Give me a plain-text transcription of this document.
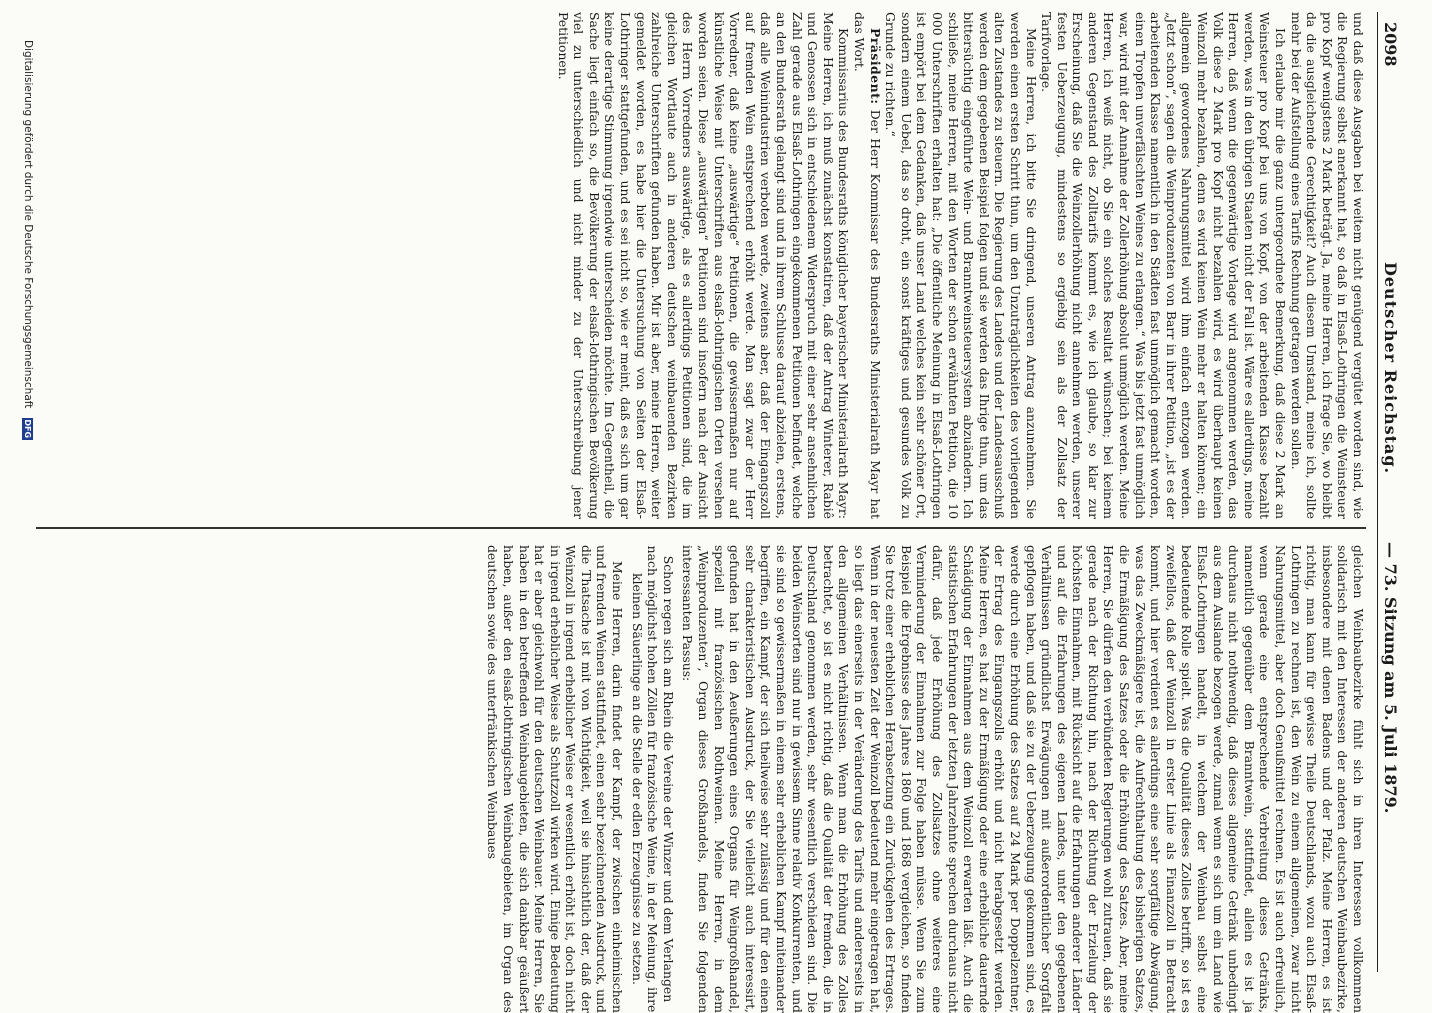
2098
Deutscher Reichstag.
— 73. Sitzung am 5. Juli 1879.

und daß diese Ausgaben bei weitem nicht genügend vergütet worden sind, wie die Regierung selbst anerkannt hat, so daß in Elsaß-Lothringen die Weinsteuer pro Kopf wenigstens 2 Mark beträgt. Ja, meine Herren, ich frage Sie, wo bleibt da die ausgleichende Gerechtigkeit? Auch diesem Umstand, meine ich, sollte mehr bei der Aufstellung eines Tarifs Rechnung getragen werden sollen.

Ich erlaube mir die ganz untergeordnete Bemerkung, daß diese 2 Mark an Weinsteuer pro Kopf bei uns von Kopf, von der arbeitenden Klasse bezahlt werden, was in den übrigen Staaten nicht der Fall ist. Wäre es allerdings, meine Herren, daß wenn die gegenwärtige Vorlage wird angenommen werden, das Volk diese 2 Mark pro Kopf nicht bezahlen wird, es wird überhaupt keinen Weinzoll mehr bezahlen, denn es wird keinen Wein mehr er halten können; ein allgemein gewordenes Nahrungsmittel wird ihm einfach entzogen werden. „Jetzt schon“, sagen die Weinproduzenten von Barr in ihrer Petition, „ist es der arbeitenden Klasse namentlich in den Städten fast unmöglich gemacht worden, einen Tropfen unverfälschten Weines zu erlangen.“ Was bis jetzt fast unmöglich war, wird mit der Annahme der Zollerhöhung absolut unmöglich werden. Meine Herren, ich weiß nicht, ob Sie ein solches Resultat wünschen; bei keinem anderen Gegenstand des Zolltarifs kommt es, wie ich glaube, so klar zur Erscheinung, daß Sie die Weinzollerhöhung nicht annehmen werden, unserer festen Ueberzeugung, mindestens so ergiebig sein als der Zollsatz der Tarifvorlage.

Meine Herren, ich bitte Sie dringend, unseren Antrag anzunehmen. Sie werden einen ersten Schritt thun, um den Unzuträglichkeiten des vorliegenden alten Zustandes zu steuern. Die Regierung des Landes und der Landesausschuß werden dem gegebenen Beispiel folgen und sie werden das Ihrige thun, um das bittersüchtig eingeführte Wein- und Branntweinsteuersystem abzuändern. Ich schließe, meine Herren, mit den Worten der schon erwähnten Petition, die 10 000 Unterschriften erhalten hat: „Die öffentliche Meinung in Elsaß-Lothringen ist empört bei dem Gedanken, daß unser Land welches kein sehr schöner Ort, sondern einem Uebel, das so droht, ein sonst kräftiges und gesundes Volk zu Grunde zu richten.“

Präsident: Der Herr Kommissar des Bundesraths Ministerialrath Mayr hat das Wort.

Kommissarius des Bundesraths königlicher bayerischer Ministerialrath Mayr: Meine Herren, ich muß zunächst konstatiren, daß der Antrag Winterer, Rabiê und Genossen sich in entschiedenem Widerspruch mit einer sehr ansehnlichen Zahl gerade aus Elsaß-Lothringen eingekommenen Petitionen befindet, welche an den Bundesrath gelangt sind und in ihrem Schlusse darauf abzielen, erstens, daß alle Weinindustrien verboten werde, zweitens aber, daß der Eingangszoll auf fremden Wein entsprechend erhöht werde. Man sagt zwar der Herr Vorredner, daß keine „auswärtige“ Petitionen, die gewissermaßen nur auf künstliche Weise mit Unterschriften aus elsaß-lothringischen Orten versehen worden seien. Diese „auswärtigen“ Petitionen sind insofern nach der Ansicht des Herrn Vorredners auswärtige, als es allerdings Petitionen sind, die im gleichen Wortlaute auch in anderen deutschen weinbauenden Bezirken zahlreiche Unterschriften gefunden haben. Mir ist aber, meine Herren, weiter gemeldet worden, es habe hier die Untersuchung von Seiten der Elsaß-Lothringer stattgefunden, und es sei nicht so, wie er meint, daß es sich um gar keine derartige Stimmung irgendwie unterscheiden möchte. Im Gegentheil, die Sache liegt einfach so, die Bevölkerung der elsaß-lothringischen Bevölkerung viel zu unterschiedlich und nicht minder zu der Unterschreibung jener Petitionen.

gleichen Weinbaubezirke fühlt sich in ihren Interessen vollkommen solidarisch mit den Interessen der anderen deutschen Weinbaubezirke, insbesondere mit denen Badens und der Pfalz. Meine Herren, es ist richtig, man kann für gewisse Theile Deutschlands, wozu auch Elsaß-Lothringen zu rechnen ist, den Wein zu einem allgemeinen, zwar nicht Nahrungsmittel, aber doch Genußmittel rechnen. Es ist auch erfreulich, wenn gerade eine entsprechende Verbreitung dieses Getränks, namentlich gegenüber dem Branntwein, stattfindet, allein es ist ja durchaus nicht nothwendig, daß dieses allgemeine Getränk unbedingt aus dem Auslande bezogen werde, zumal wenn es sich um ein Land wie Elsaß-Lothringen handelt, in welchem der Weinbau selbst eine bedeutende Rolle spielt. Was die Qualität dieses Zolles betrifft, so ist es zweifellos, daß der Weinzoll in erster Linie als Finanzzoll in Betracht kommt, und hier verdient es allerdings eine sehr sorgfältige Abwägung, was das Zweckmäßigere ist, die Aufrechthaltung des bisherigen Satzes, die Ermäßigung des Satzes oder die Erhöhung des Satzes. Aber, meine Herren, Sie dürfen den verbündeten Regierungen wohl zutrauen, daß sie gerade nach der Richtung hin, nach der Richtung der Erzielung der höchsten Einnahmen, mit Rücksicht auf die Erfahrungen anderer Länder und auf die Erfahrungen des eigenen Landes, unter den gegebenen Verhältnissen gründlichst Erwägungen mit außerordentlicher Sorgfalt gepflogen haben, und daß sie zu der Ueberzeugung gekommen sind, es werde durch eine Erhöhung des Satzes auf 24 Mark per Doppelzentner, der Ertrag des Eingangszolls erhöht und nicht herabgesetzt werden. Meine Herren, es hat zu der Ermäßigung oder eine erhebliche dauernde Schädigung der Einnahmen aus dem Weinzoll erwarten läßt. Auch die statistischen Erfahrungen der letzten Jahrzehnte sprechen durchaus nicht dafür, daß jede Erhöhung des Zollsatzes ohne weiteres eine Verminderung der Einnahmen zur Folge haben müsse. Wenn Sie zum Beispiel die Ergebnisse des Jahres 1860 und 1868 vergleichen, so finden Sie trotz einer erheblichen Herabsetzung ein Zurückgehen des Ertrages. Wenn in der neuesten Zeit der Weinzoll bedeutend mehr eingetragen hat, so liegt das einerseits in der Veränderung des Tarifs und andererseits in den allgemeinen Verhältnissen. Wenn man die Erhöhung des Zolles betrachtet, so ist es nicht richtig, daß die Qualität der fremden, die in Deutschland genommen werden, sehr wesentlich verschieden sind. Die beiden Weinsorten sind nur in gewissem Sinne relativ Konkurrenten, und sie sind so gewissermaßen in einem sehr erheblichen Kampf miteinander begriffen, ein Kampf, der sich theilweise sehr zulässig und für den einen sehr charakteristischen Ausdruck, der Sie vielleicht auch interessirt, gefunden hat in den Aeußerungen eines Organs für Weingroßhandel, speziell mit französischen Rothweinen. Meine Herren, in dem „Weinproduzenten“, Organ dieses Großhandels, finden Sie folgenden interessanten Passus:

Schon regen sich am Rhein die Vereine der Winzer und dem Verlangen nach möglichst hohen Zöllen für französische Weine, in der Meinung, ihre kleinen Säuerlinge an die Stelle der edlen Erzeugnisse zu setzen.

Meine Herren, darin findet der Kampf, der zwischen einheimischen und fremden Weinen stattfindet, einen sehr bezeichnenden Ausdruck, und die Thatsache ist mit von Wichtigkeit, weil sie hinsichtlich der, daß der Weinzoll in irgend erheblicher Weise er wesentlich erhöht ist, doch nicht in irgend erheblicher Weise als Schutzzoll wirken wird. Einige Bedeutung hat er aber gleichwohl für den deutschen Weinbauer. Meine Herren, Sie haben in den betreffenden Weinbaugebieten, die sich dankbar geäußert haben, außer den elsaß-lothringischen Weinbaugebieten, im Organ des deutschen sowie des unterfränkischen Weinbaues

Digitalisierung gefördert durch die Deutsche Forschungsgemeinschaft DFG
